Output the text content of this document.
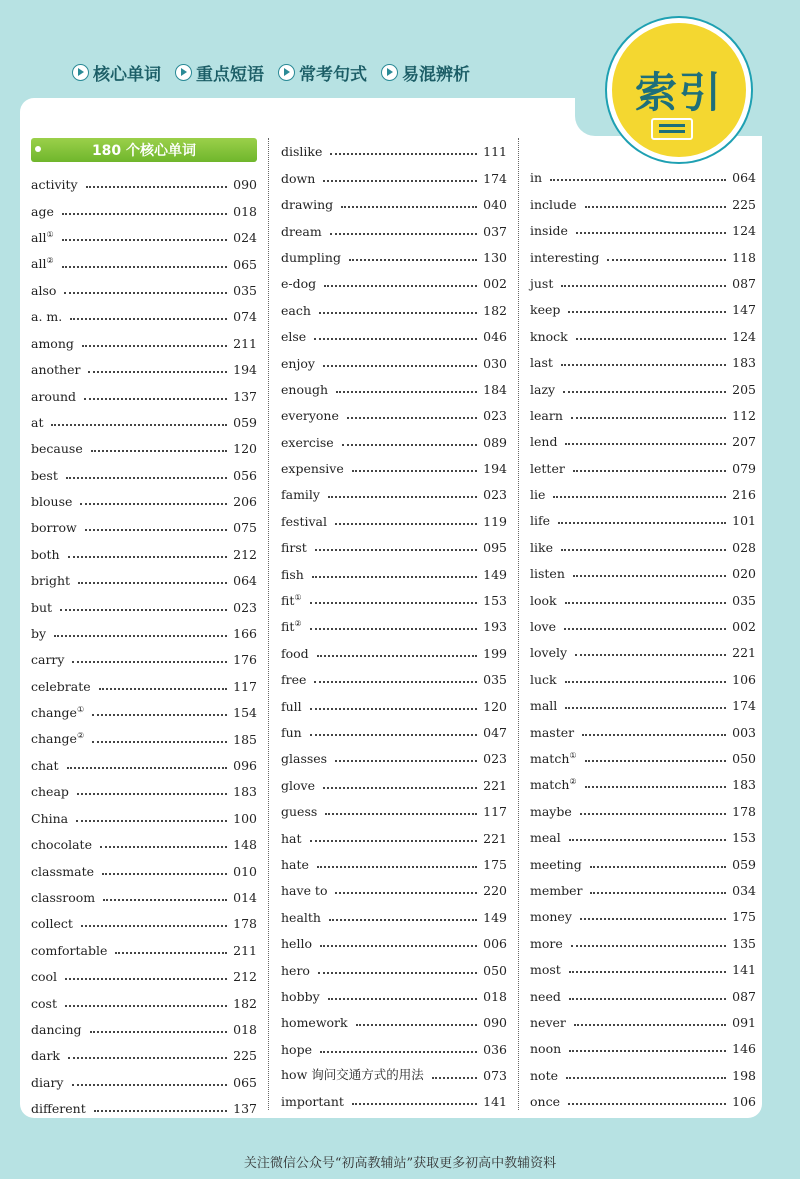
核心单词 重点短语 常考句式 易混辨析	索引
180 个核心单词
activity	090
age	018
all①	024
all②	065
also	035
a. m.	074
among	211
another	194
around	137
at	059
because	120
best	056
blouse	206
borrow	075
both	212
bright	064
but	023
by	166
carry	176
celebrate	117
change①	154
change②	185
chat	096
cheap	183
China	100
chocolate	148
classmate	010
classroom	014
collect	178
comfortable	211
cool	212
cost	182
dancing	018
dark	225
diary	065
different	137
dislike	111
down	174
drawing	040
dream	037
dumpling	130
e-dog	002
each	182
else	046
enjoy	030
enough	184
everyone	023
exercise	089
expensive	194
family	023
festival	119
first	095
fish	149
fit①	153
fit②	193
food	199
free	035
full	120
fun	047
glasses	023
glove	221
guess	117
hat	221
hate	175
have to	220
health	149
hello	006
hero	050
hobby	018
homework	090
hope	036
how 询问交通方式的用法	073
important	141
in	064
include	225
inside	124
interesting	118
just	087
keep	147
knock	124
last	183
lazy	205
learn	112
lend	207
letter	079
lie	216
life	101
like	028
listen	020
look	035
love	002
lovely	221
luck	106
mall	174
master	003
match①	050
match②	183
maybe	178
meal	153
meeting	059
member	034
money	175
more	135
most	141
need	087
never	091
noon	146
note	198
once	106
关注微信公众号“初高教辅站”获取更多初高中教辅资料
